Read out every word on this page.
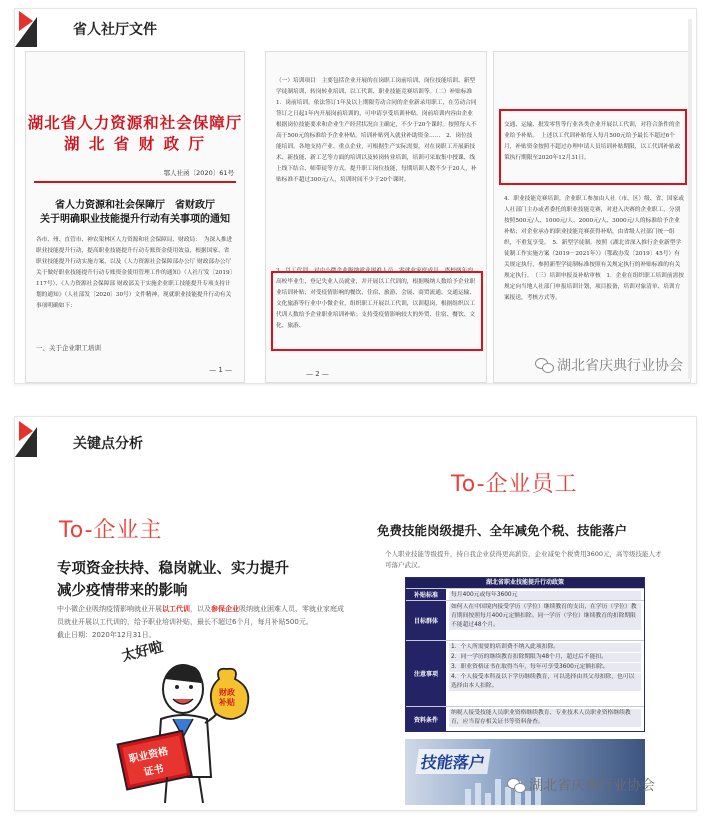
省人社厅文件
湖北省人力资源和社会保障厅
湖 北 省 财 政 厅
鄂人社函〔2020〕61号
省人力资源和社会保障厅　省财政厅
关于明确职业技能提升行动有关事项的通知
各市、州、直管市、神农架林区人力资源和社会保障局、财政局：　为深入推进职业技能提升行动，提高职业技能提升行动专账资金使用效益，根据国家、省职业技能提升行动实施方案，以及《人力资源社会保障部办公厅 财政部办公厅关于做好职业技能提升行动专账资金使用管理工作的通知》（人社厅发〔2019〕117号）、《人力资源社会保障部 财政部关于实施企业职工技能提升专项支持计划的通知》（人社部发〔2020〕30号）文件精神，现就职业技能提升行动有关事项明确如下：
一、关于企业职工培训
— 1 —
（一）培训项目　主要包括企业开展的在岗职工岗前培训、岗位技能培训、新型学徒制培训、转岗转业培训、以工代训、职业技能竞赛培训等。（二）补贴标准　1．岗前培训。依法签订1年及以上期限劳动合同的企业新录用职工，在劳动合同签订之日起1年内开展岗前培训的，可申请享受培训补贴。岗前培训内容由企业根据岗位技能要求和企业生产经营状况自主确定，不少于20个课时。按照每人不高于500元的标准给予企业补贴。培训补贴列入就业补助资金……　2．岗位技能培训。各地支持产业、重点企业，可根据生产实际需要，对在岗职工开展新技术、新技能、新工艺等方面的培训以及转岗转业培训，培训可采取集中授课、线上线下结合、师带徒等方式。提升职工岗位技能，每期培训人数不少于20人，补贴标准不超过300元/人，培训时间不少于20个课时。
3．以工代训。对中小微企业吸纳就业困难人员，零就业家庭成员、离校两年内高校毕业生、登记失业人员就业，并开展以工代训的，根据吸纳人数给予企业职业培训补贴；对受疫情影响的餐饮、住宿、旅游、会展、商贸流通、交通运输、文化旅游等行业中小微企业，组织职工开展以工代训，以训稳岗，根据组织以工代训人数给予企业职业培训补贴；支持受疫情影响较大的外贸、住宿、餐饮、文化、旅游、
— 2 —
交通、运输、批发零售等行业各类企业开展以工代训，对符合条件的企业给予补贴。　上述以工代训补贴每人每月500元给予最长不超过6个月，补贴资金按照不超过办理申请人员培训补贴期限，以工代训补贴政策执行期限至2020年12月31日。
4．职业技能竞赛培训。企业职工参加由人社（市、区）级、省、国家或人社部门主办或者委托的职业技能竞赛，对进入决赛的企业职工，分别按照500元/人、1000元/人、2000元/人、3000元/人的标准给予企业补贴；对企业承办的职业技能竞赛获得补贴，由省级人社部门统一组织，不重复享受。　5．新型学徒制。按照《湖北省深入推行企业新型学徒制工作实施方案（2019－2021年）》（鄂政办发〔2019〕45号）有关规定执行，参照新型学徒制标准按照有关规定执行的补贴标准的有关规定执行。　（三）培训申报及补贴审核　1．企业在组织职工培训前需按规定向当地人社部门申报培训计划，项目报备，培训对象清单、培训方案报送，考核方式等。
湖北省庆典行业协会
关键点分析
To-企业主
专项资金扶持、稳岗就业、实力提升
减少疫情带来的影响
中小微企业吸纳疫情影响就业开展以工代训，以及参保企业吸纳就业困难人员、零就业家庭成员就业开展以工代训的，给予职业培训补贴，最长不超过6个月，每月补贴500元。
截止日期：2020年12月31日。
太好啦
财政
补贴
职业资格
证书
To-企业员工
免费技能岗级提升、全年减免个税、技能落户
个人职业技能等级提升，持自我企业获得更高薪资，企业减免个税费用3600元，高等级技能人才可落户武汉。
湖北省职业技能提升行动政策
补贴标准	每月400元或每年3600元
目标群体
如何人在中国境内接受学历（学位）继续教育的支出，在学历（学位）教育期间按照每月400元定额扣除。同一学历（学位）继续教育的扣除期限不能超过48个月。
注意事项
1．个人所需要的培训费不纳入此项扣除。
2．同一学历的继续教育扣除期限为48个月，超过后不能扣。
3．职业资格证书在取得当年，每年可享受3600元定额扣除。
4．个人接受本科及以下学历继续教育，可以选择由其父母扣除，也可以选择由本人扣除。
资料条件
纳税人接受技能人员职业资格继续教育、专业技术人员职业资格继续教育，应当留存相关证书等资料备查。
技能落户
湖北省庆典行业协会
